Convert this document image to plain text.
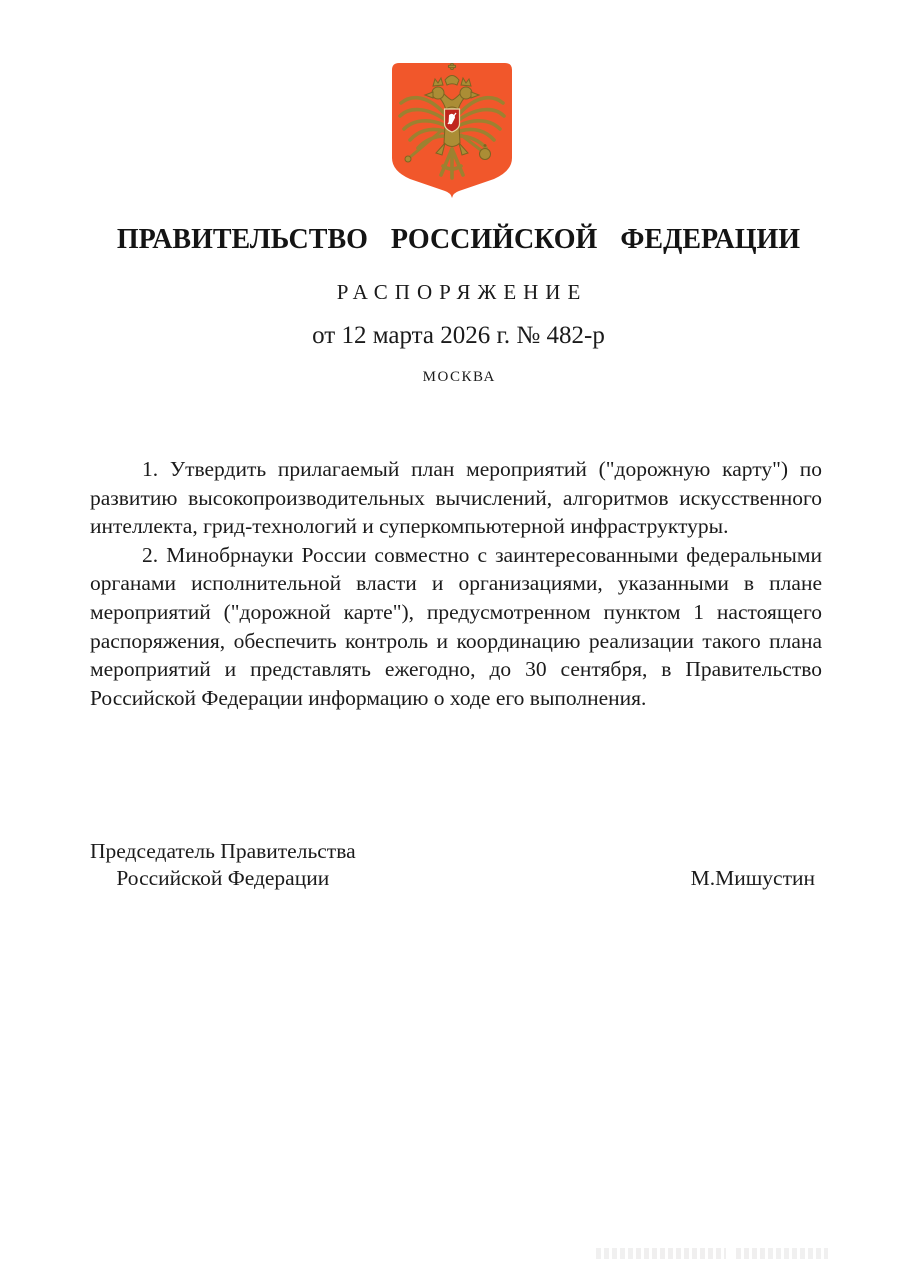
ПРАВИТЕЛЬСТВО РОССИЙСКОЙ ФЕДЕРАЦИИ
РАСПОРЯЖЕНИЕ
от 12 марта 2026 г. № 482-р
МОСКВА

1. Утвердить прилагаемый план мероприятий ("дорожную карту") по развитию высокопроизводительных вычислений, алгоритмов искусственного интеллекта, грид-технологий и суперкомпьютерной инфраструктуры.

2. Минобрнауки России совместно с заинтересованными федеральными органами исполнительной власти и организациями, указанными в плане мероприятий ("дорожной карте"), предусмотренном пунктом 1 настоящего распоряжения, обеспечить контроль и координацию реализации такого плана мероприятий и представлять ежегодно, до 30 сентября, в Правительство Российской Федерации информацию о ходе его выполнения.

Председатель Правительства
Российской Федерации	М.Мишустин
